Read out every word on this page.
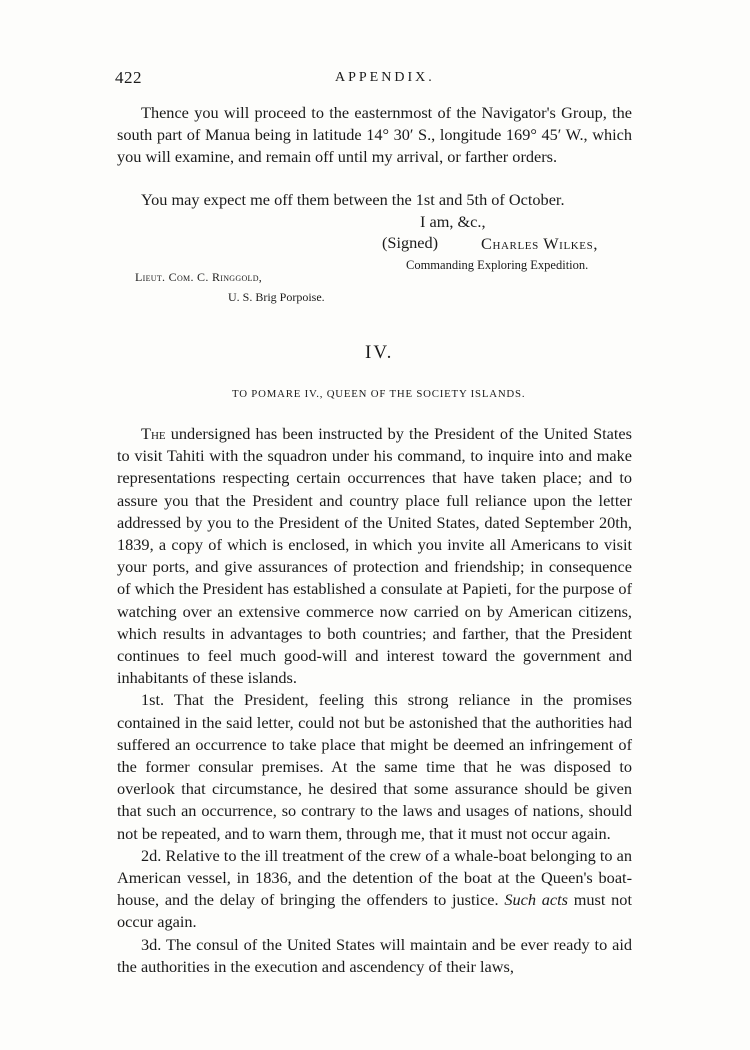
422	APPENDIX.

Thence you will proceed to the easternmost of the Navigator's Group, the south part of Manua being in latitude 14° 30′ S., longitude 169° 45′ W., which you will examine, and remain off until my arrival, or farther orders.

You may expect me off them between the 1st and 5th of October.

I am, &c.,
(Signed)	Charles Wilkes,
Commanding Exploring Expedition.
Lieut. Com. C. Ringgold,
U. S. Brig Porpoise.
IV.
TO POMARE IV., QUEEN OF THE SOCIETY ISLANDS.

The undersigned has been instructed by the President of the United States to visit Tahiti with the squadron under his command, to inquire into and make representations respecting certain occurrences that have taken place; and to assure you that the President and country place full reliance upon the letter addressed by you to the President of the United States, dated September 20th, 1839, a copy of which is enclosed, in which you invite all Americans to visit your ports, and give assurances of protection and friendship; in consequence of which the President has established a consulate at Papieti, for the purpose of watching over an extensive commerce now carried on by American citizens, which results in advantages to both countries; and farther, that the President continues to feel much good-will and interest toward the government and inhabitants of these islands.

1st. That the President, feeling this strong reliance in the promises contained in the said letter, could not but be astonished that the authorities had suffered an occurrence to take place that might be deemed an infringement of the former consular premises. At the same time that he was disposed to overlook that circumstance, he desired that some assurance should be given that such an occurrence, so contrary to the laws and usages of nations, should not be repeated, and to warn them, through me, that it must not occur again.

2d. Relative to the ill treatment of the crew of a whale-boat belonging to an American vessel, in 1836, and the detention of the boat at the Queen's boat-house, and the delay of bringing the offenders to justice. Such acts must not occur again.

3d. The consul of the United States will maintain and be ever ready to aid the authorities in the execution and ascendency of their laws,
